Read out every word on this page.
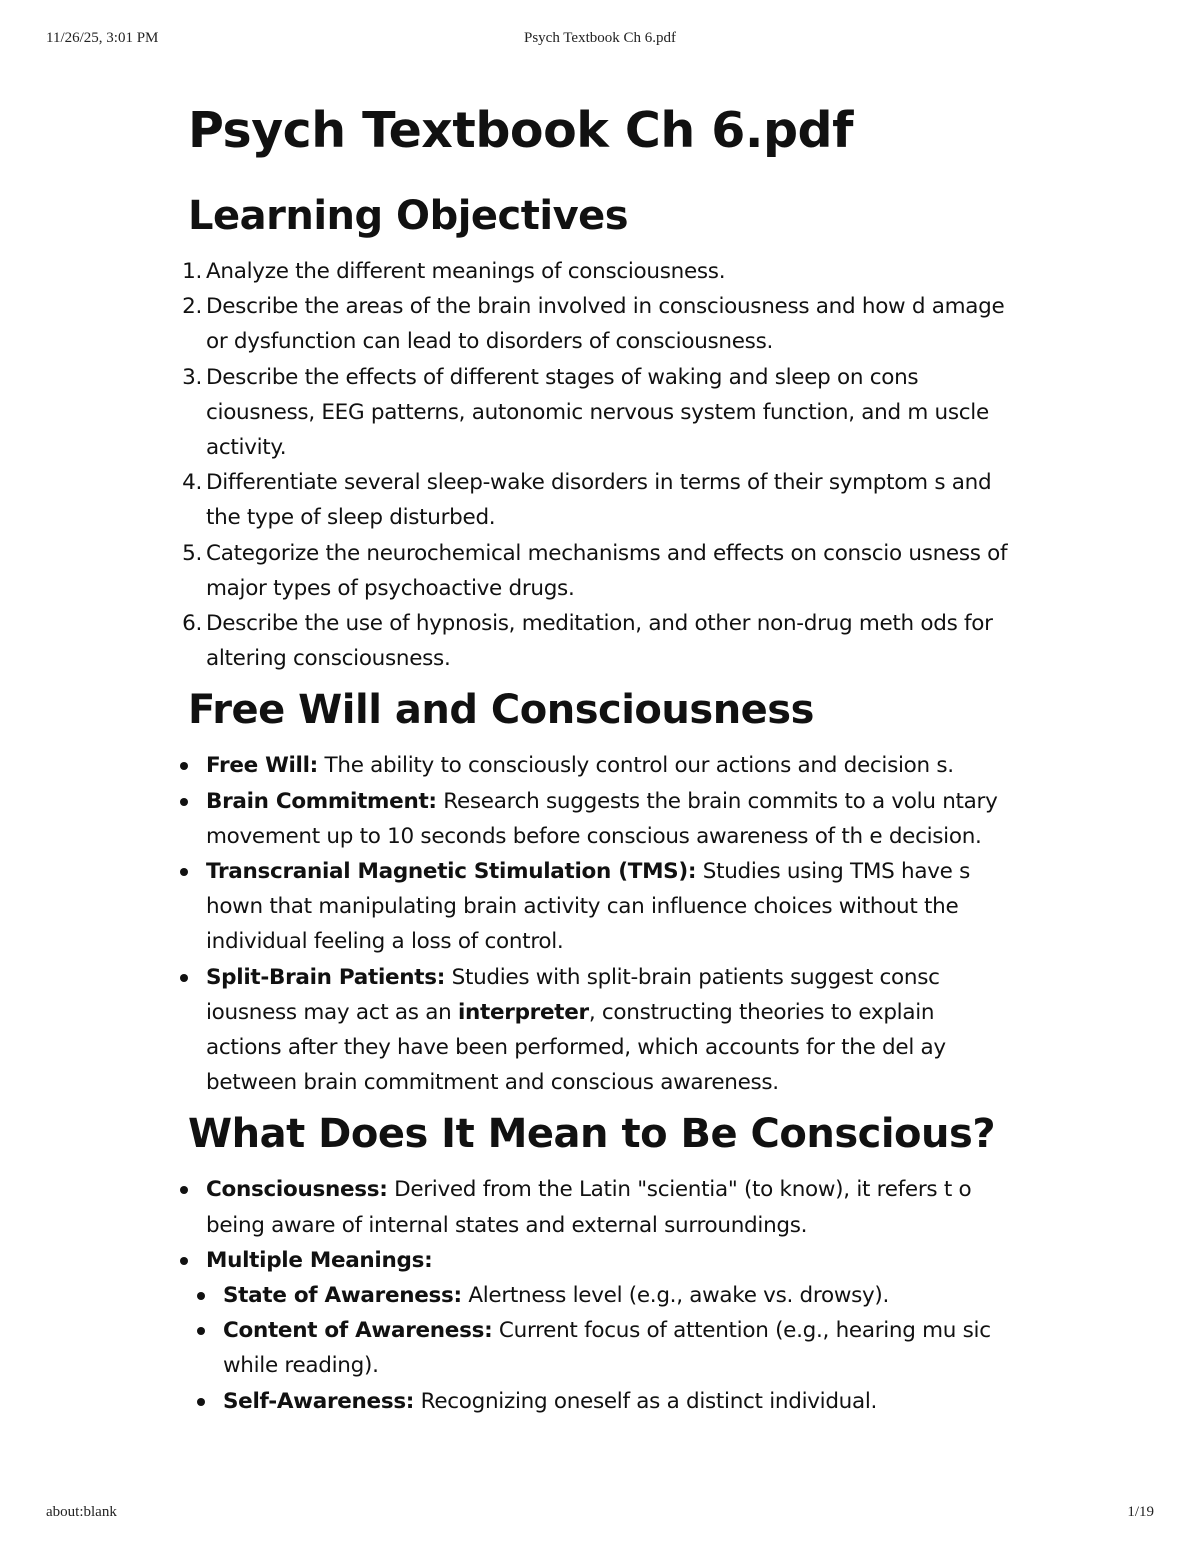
11/26/25, 3:01 PM	Psych Textbook Ch 6.pdf
Psych Textbook Ch 6.pdf
Learning Objectives
1. Analyze the different meanings of consciousness.
2. Describe the areas of the brain involved in consciousness and how d amage or dysfunction can lead to disorders of consciousness.
3. Describe the effects of different stages of waking and sleep on cons ciousness, EEG patterns, autonomic nervous system function, and m uscle activity.
4. Differentiate several sleep-wake disorders in terms of their symptom s and the type of sleep disturbed.
5. Categorize the neurochemical mechanisms and effects on conscio usness of major types of psychoactive drugs.
6. Describe the use of hypnosis, meditation, and other non-drug meth ods for altering consciousness.
Free Will and Consciousness
Free Will: The ability to consciously control our actions and decision s.
Brain Commitment: Research suggests the brain commits to a volu ntary movement up to 10 seconds before conscious awareness of th e decision.
Transcranial Magnetic Stimulation (TMS): Studies using TMS have s hown that manipulating brain activity can influence choices without the individual feeling a loss of control.
Split-Brain Patients: Studies with split-brain patients suggest consc iousness may act as an interpreter, constructing theories to explain actions after they have been performed, which accounts for the del ay between brain commitment and conscious awareness.
What Does It Mean to Be Conscious?
Consciousness: Derived from the Latin "scientia" (to know), it refers t o being aware of internal states and external surroundings.
Multiple Meanings:
State of Awareness: Alertness level (e.g., awake vs. drowsy).
Content of Awareness: Current focus of attention (e.g., hearing mu sic while reading).
Self-Awareness: Recognizing oneself as a distinct individual.
about:blank	1/19
